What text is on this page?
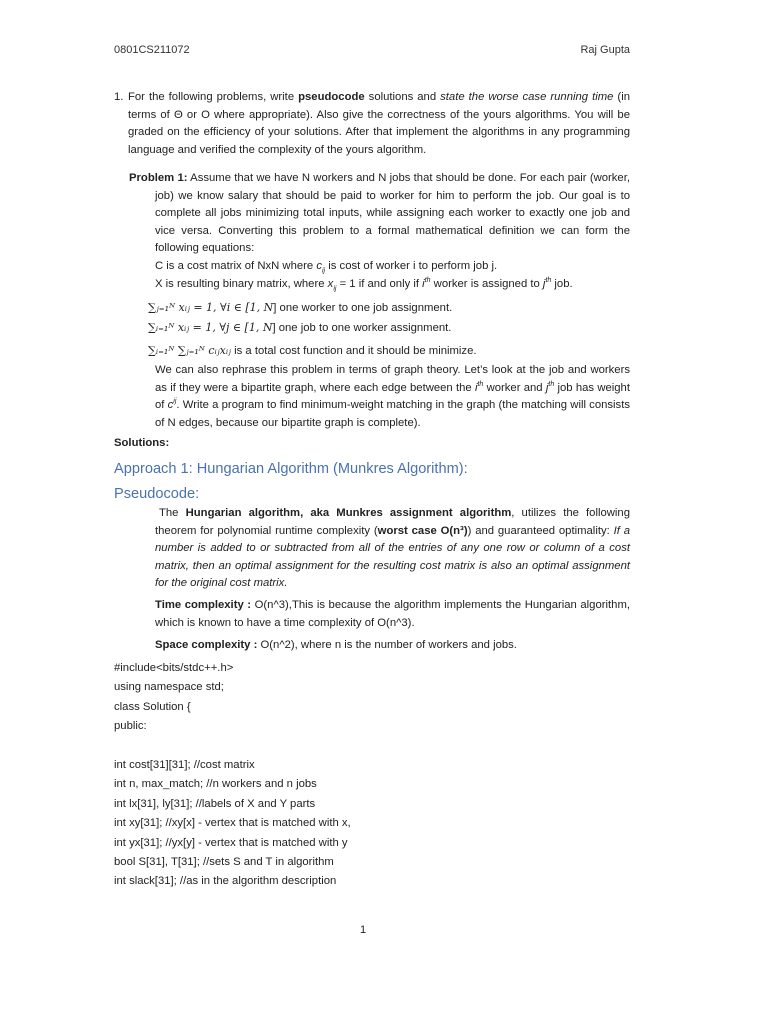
0801CS211072	Raj Gupta
1. For the following problems, write pseudocode solutions and state the worse case running time (in terms of Θ or O where appropriate). Also give the correctness of the yours algorithms. You will be graded on the efficiency of your solutions. After that implement the algorithms in any programming language and verified the complexity of the yours algorithm.
Problem 1: Assume that we have N workers and N jobs that should be done. For each pair (worker, job) we know salary that should be paid to worker for him to perform the job. Our goal is to complete all jobs minimizing total inputs, while assigning each worker to exactly one job and vice versa. Converting this problem to a formal mathematical definition we can form the following equations:
C is a cost matrix of NxN where $c_{ij}$ is cost of worker i to perform job j.
X is resulting binary matrix, where $x_{ij} = 1$ if and only if $i^{th}$ worker is assigned to $j^{th}$ job.
∑ⱼ₌₁ᴺ xᵢⱼ = 1, ∀i ∈ [1, N] one worker to one job assignment.
∑ᵢ₌₁ᴺ xᵢⱼ = 1, ∀j ∈ [1, N] one job to one worker assignment.
∑ᵢ₌₁ᴺ ∑ⱼ₌₁ᴺ cᵢⱼxᵢⱼ is a total cost function and it should be minimize.
We can also rephrase this problem in terms of graph theory. Let’s look at the job and workers as if they were a bipartite graph, where each edge between the $i^{th}$ worker and $j^{th}$ job has weight of $c^{ij}$. Write a program to find minimum-weight matching in the graph (the matching will consists of N edges, because our bipartite graph is complete).
Solutions:
Approach 1: Hungarian Algorithm (Munkres Algorithm):
Pseudocode:
The Hungarian algorithm, aka Munkres assignment algorithm, utilizes the following theorem for polynomial runtime complexity (worst case O(n³)) and guaranteed optimality: If a number is added to or subtracted from all of the entries of any one row or column of a cost matrix, then an optimal assignment for the resulting cost matrix is also an optimal assignment for the original cost matrix.
Time complexity : O(n^3),This is because the algorithm implements the Hungarian algorithm, which is known to have a time complexity of O(n^3).
Space complexity : O(n^2), where n is the number of workers and jobs.
#include<bits/stdc++.h>
using namespace std;
class Solution {
public:

int cost[31][31]; //cost matrix
int n, max_match; //n workers and n jobs
int lx[31], ly[31]; //labels of X and Y parts
int xy[31]; //xy[x] - vertex that is matched with x,
int yx[31]; //yx[y] - vertex that is matched with y
bool S[31], T[31]; //sets S and T in algorithm
int slack[31]; //as in the algorithm description
1
